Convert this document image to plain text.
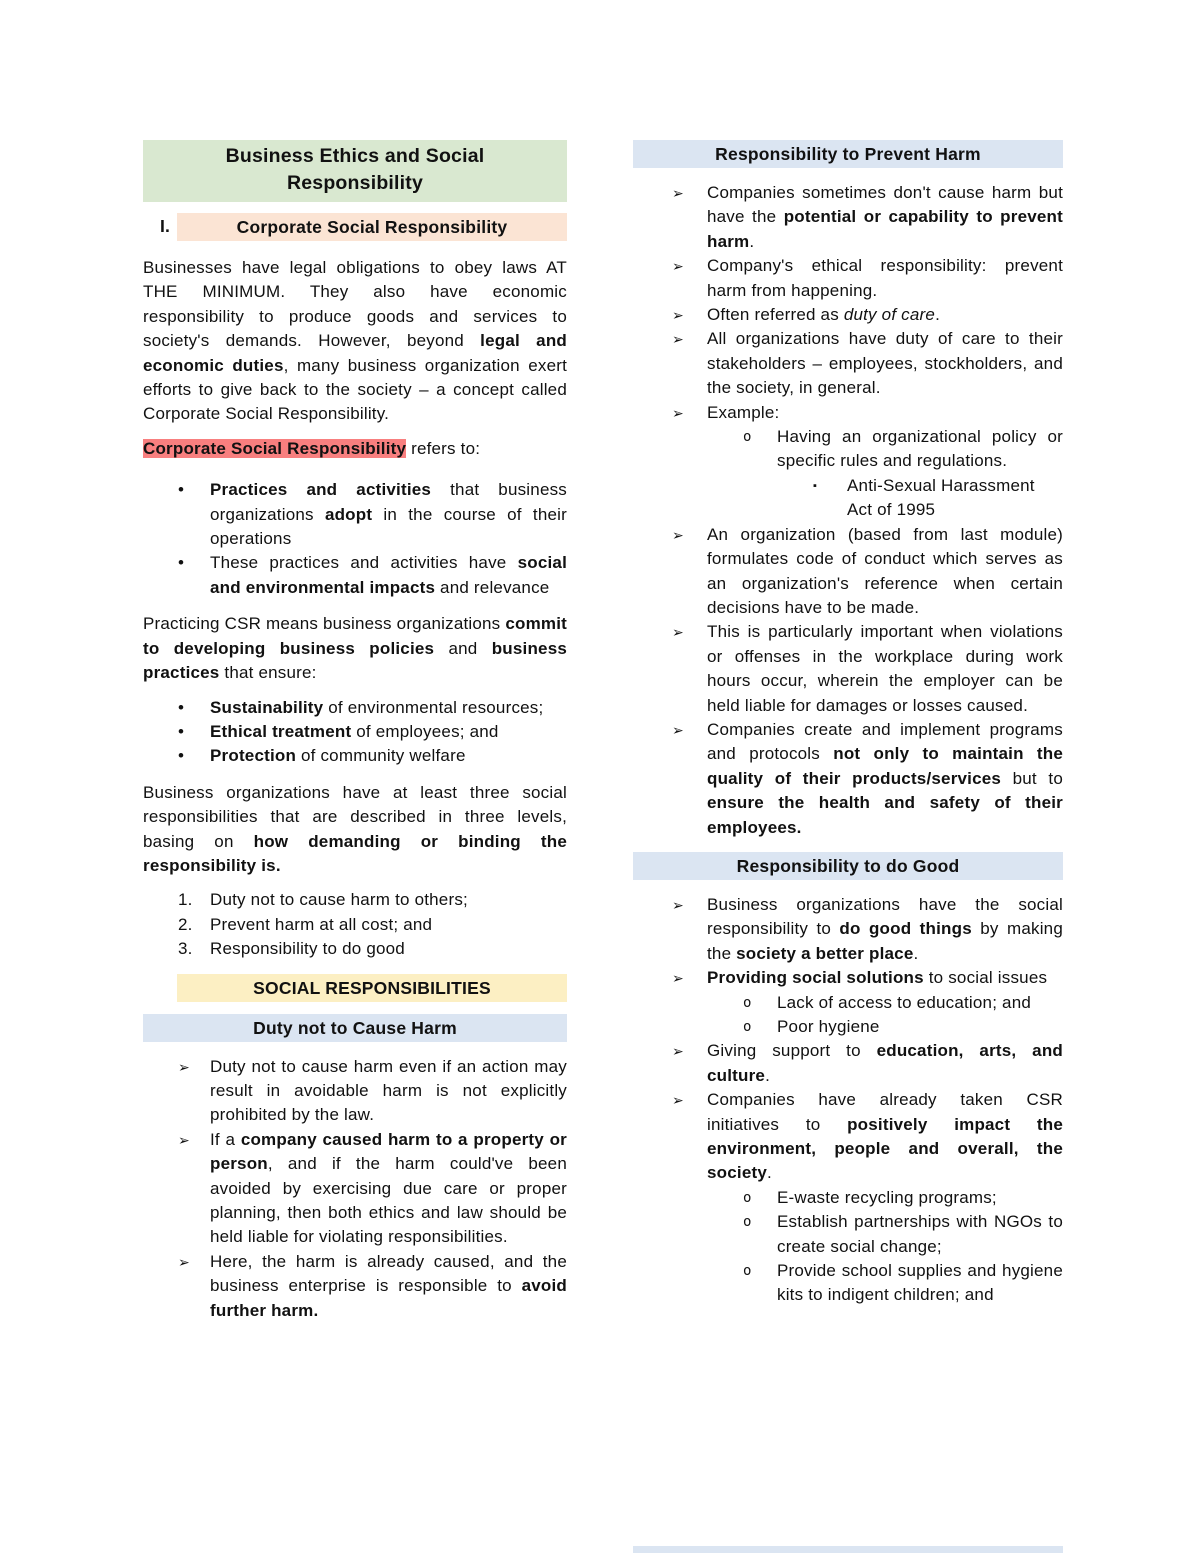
Business Ethics and Social Responsibility
I.	Corporate Social Responsibility

Businesses have legal obligations to obey laws AT THE MINIMUM. They also have economic responsibility to produce goods and services to society's demands. However, beyond legal and economic duties, many business organization exert efforts to give back to the society – a concept called Corporate Social Responsibility.

Corporate Social Responsibility refers to:

•	Practices and activities that business organizations adopt in the course of their operations
•	These practices and activities have social and environmental impacts and relevance

Practicing CSR means business organizations commit to developing business policies and business practices that ensure:

•	Sustainability of environmental resources;
•	Ethical treatment of employees; and
•	Protection of community welfare

Business organizations have at least three social responsibilities that are described in three levels, basing on how demanding or binding the responsibility is.

1.	Duty not to cause harm to others;
2.	Prevent harm at all cost; and
3.	Responsibility to do good
SOCIAL RESPONSIBILITIES
Duty not to Cause Harm
➢	Duty not to cause harm even if an action may result in avoidable harm is not explicitly prohibited by the law.
➢	If a company caused harm to a property or person, and if the harm could've been avoided by exercising due care or proper planning, then both ethics and law should be held liable for violating responsibilities.
➢	Here, the harm is already caused, and the business enterprise is responsible to avoid further harm.
Responsibility to Prevent Harm
➢	Companies sometimes don't cause harm but have the potential or capability to prevent harm.
➢	Company's ethical responsibility: prevent harm from happening.
➢	Often referred as duty of care.
➢	All organizations have duty of care to their stakeholders – employees, stockholders, and the society, in general.
➢	Example:
o	Having an organizational policy or specific rules and regulations.
▪	Anti-Sexual Harassment Act of 1995
➢	An organization (based from last module) formulates code of conduct which serves as an organization's reference when certain decisions have to be made.
➢	This is particularly important when violations or offenses in the workplace during work hours occur, wherein the employer can be held liable for damages or losses caused.
➢	Companies create and implement programs and protocols not only to maintain the quality of their products/services but to ensure the health and safety of their employees.
Responsibility to do Good
➢	Business organizations have the social responsibility to do good things by making the society a better place.
➢	Providing social solutions to social issues
o	Lack of access to education; and
o	Poor hygiene
➢	Giving support to education, arts, and culture.
➢	Companies have already taken CSR initiatives to positively impact the environment, people and overall, the society.
o	E-waste recycling programs;
o	Establish partnerships with NGOs to create social change;
o	Provide school supplies and hygiene kits to indigent children; and
